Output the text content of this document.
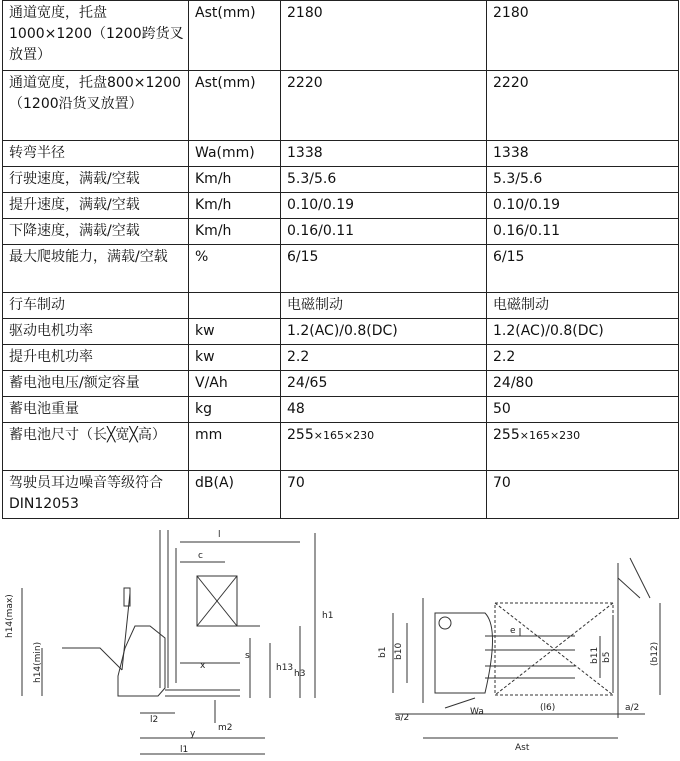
通道宽度，托盘1000×1200（1200跨货叉放置）	Ast(mm)	2180	2180
通道宽度，托盘800×1200（1200沿货叉放置）	Ast(mm)	2220	2220
转弯半径	Wa(mm)	1338	1338
行驶速度，满载/空载	Km/h	5.3/5.6	5.3/5.6
提升速度，满载/空载	Km/h	0.10/0.19	0.10/0.19
下降速度，满载/空载	Km/h	0.16/0.11	0.16/0.11
最大爬坡能力，满载/空载	%	6/15	6/15
行车制动		电磁制动	电磁制动
驱动电机功率	kw	1.2(AC)/0.8(DC)	1.2(AC)/0.8(DC)
提升电机功率	kw	2.2	2.2
蓄电池电压/额定容量	V/Ah	24/65	24/80
蓄电池重量	kg	48	50
蓄电池尺寸（长╳宽╳高）	mm	255×165×230	255×165×230
驾驶员耳边噪音等级符合DIN12053	dB(A)	70	70
l
c
h1
h14(max)
h14(min)	s
x	h13
h3
l2
m2
y
l1
e
b1 b10	b11 b5	(b12)
Wa	(l6)
a/2
a/2
Ast
